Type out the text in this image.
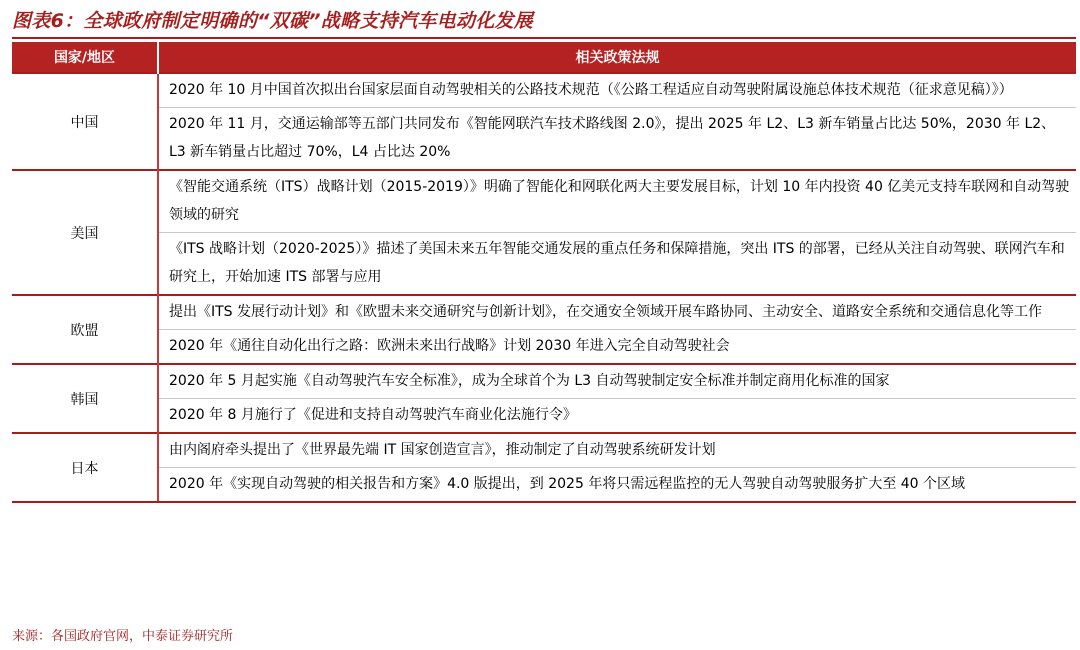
图表6：全球政府制定明确的“双碳”战略支持汽车电动化发展
国家/地区	相关政策法规
中国	2020 年 10 月中国首次拟出台国家层面自动驾驶相关的公路技术规范（《公路工程适应自动驾驶附属设施总体技术规范（征求意见稿）》）
	2020 年 11 月，交通运输部等五部门共同发布《智能网联汽车技术路线图 2.0》，提出 2025 年 L2、L3 新车销量占比达 50%，2030 年 L2、L3 新车销量占比超过 70%，L4 占比达 20%
美国	《智能交通系统（ITS）战略计划（2015-2019）》明确了智能化和网联化两大主要发展目标，计划 10 年内投资 40 亿美元支持车联网和自动驾驶领域的研究
	《ITS 战略计划（2020-2025）》描述了美国未来五年智能交通发展的重点任务和保障措施，突出 ITS 的部署，已经从关注自动驾驶、联网汽车和研究上，开始加速 ITS 部署与应用
欧盟	提出《ITS 发展行动计划》和《欧盟未来交通研究与创新计划》，在交通安全领域开展车路协同、主动安全、道路安全系统和交通信息化等工作
	2020 年《通往自动化出行之路：欧洲未来出行战略》计划 2030 年进入完全自动驾驶社会
韩国	2020 年 5 月起实施《自动驾驶汽车安全标准》，成为全球首个为 L3 自动驾驶制定安全标准并制定商用化标准的国家
	2020 年 8 月施行了《促进和支持自动驾驶汽车商业化法施行令》
日本	由内阁府牵头提出了《世界最先端 IT 国家创造宣言》，推动制定了自动驾驶系统研发计划
	2020 年《实现自动驾驶的相关报告和方案》4.0 版提出，到 2025 年将只需远程监控的无人驾驶自动驾驶服务扩大至 40 个区域
来源：各国政府官网，中泰证券研究所
